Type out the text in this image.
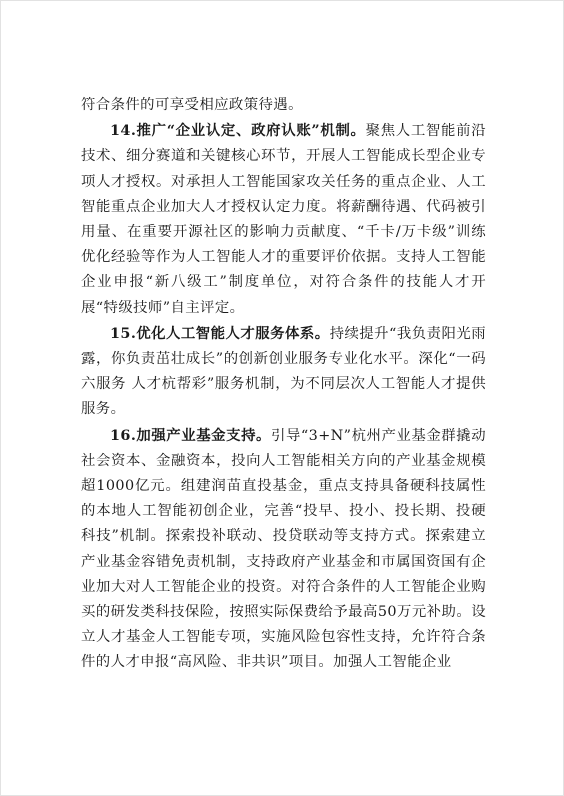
符合条件的可享受相应政策待遇。

14.推广“企业认定、政府认账”机制。聚焦人工智能前沿技术、细分赛道和关键核心环节，开展人工智能成长型企业专项人才授权。对承担人工智能国家攻关任务的重点企业、人工智能重点企业加大人才授权认定力度。将薪酬待遇、代码被引用量、在重要开源社区的影响力贡献度、“千卡/万卡级”训练优化经验等作为人工智能人才的重要评价依据。支持人工智能企业申报“新八级工”制度单位，对符合条件的技能人才开展“特级技师”自主评定。

15.优化人工智能人才服务体系。持续提升“我负责阳光雨露，你负责茁壮成长”的创新创业服务专业化水平。深化“一码六服务 人才杭帮彩”服务机制，为不同层次人工智能人才提供服务。

16.加强产业基金支持。引导“3+N”杭州产业基金群撬动社会资本、金融资本，投向人工智能相关方向的产业基金规模超1000亿元。组建润苗直投基金，重点支持具备硬科技属性的本地人工智能初创企业，完善“投早、投小、投长期、投硬科技”机制。探索投补联动、投贷联动等支持方式。探索建立产业基金容错免责机制，支持政府产业基金和市属国资国有企业加大对人工智能企业的投资。对符合条件的人工智能企业购买的研发类科技保险，按照实际保费给予最高50万元补助。设立人才基金人工智能专项，实施风险包容性支持，允许符合条件的人才申报“高风险、非共识”项目。加强人工智能企业
